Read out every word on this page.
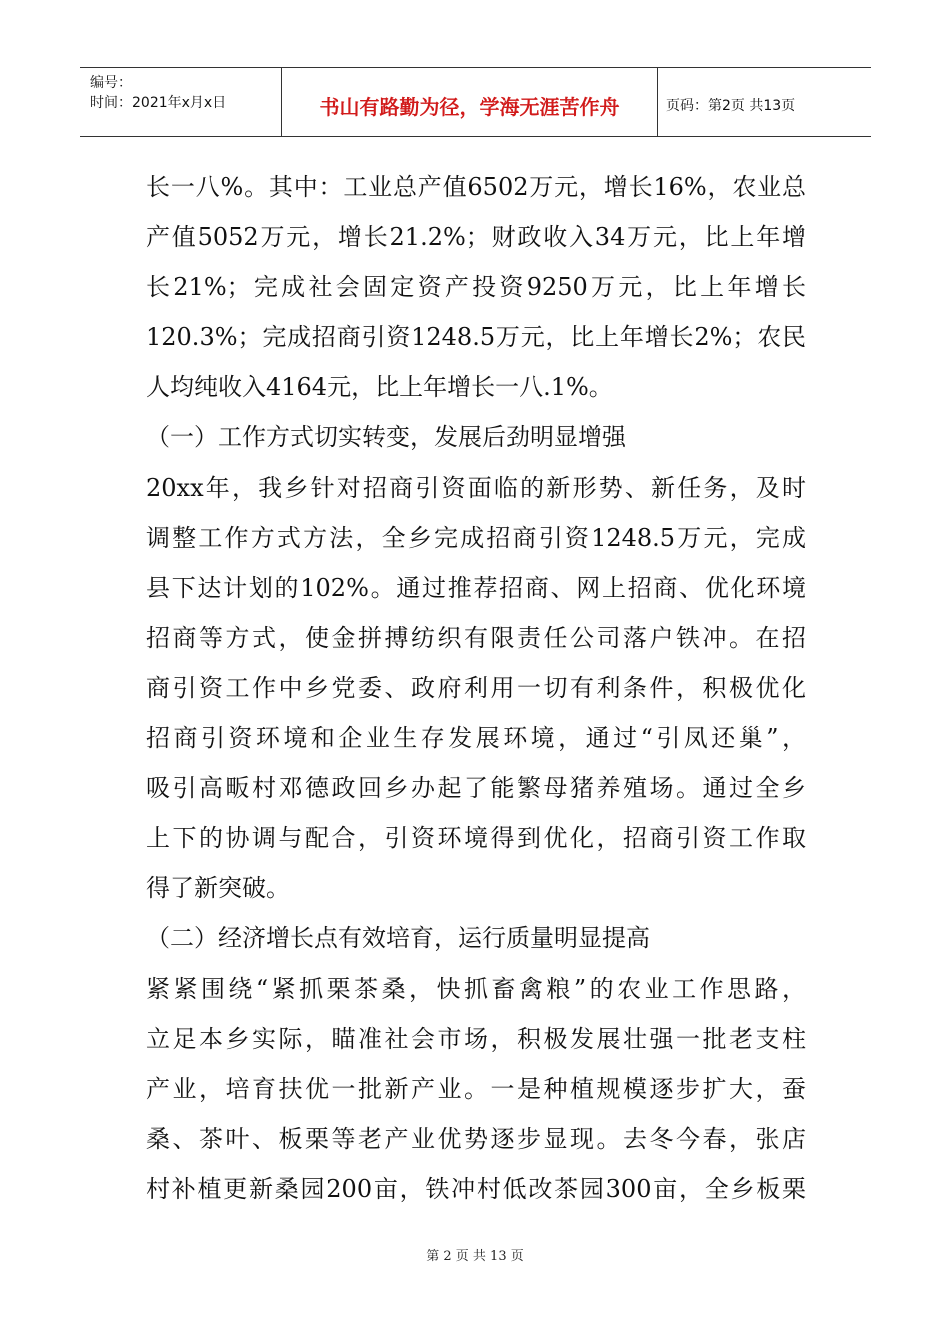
编号：
时间：2021年x月x日	书山有路勤为径，学海无涯苦作舟	页码：第2页 共13页
长一八%。其中：工业总产值6502万元，增长16%，农业总
产值5052万元，增长21.2%；财政收入34万元，比上年增
长21%；完成社会固定资产投资9250万元，比上年增长
120.3%；完成招商引资1248.5万元，比上年增长2%；农民
人均纯收入4164元，比上年增长一八.1%。
（一）工作方式切实转变，发展后劲明显增强
20xx年，我乡针对招商引资面临的新形势、新任务，及时
调整工作方式方法，全乡完成招商引资1248.5万元，完成
县下达计划的102%。通过推荐招商、网上招商、优化环境
招商等方式，使金拼搏纺织有限责任公司落户铁冲。在招
商引资工作中乡党委、政府利用一切有利条件，积极优化
招商引资环境和企业生存发展环境，通过“引凤还巢”，
吸引高畈村邓德政回乡办起了能繁母猪养殖场。通过全乡
上下的协调与配合，引资环境得到优化，招商引资工作取
得了新突破。
（二）经济增长点有效培育，运行质量明显提高
紧紧围绕“紧抓栗茶桑，快抓畜禽粮”的农业工作思路，
立足本乡实际，瞄准社会市场，积极发展壮强一批老支柱
产业，培育扶优一批新产业。一是种植规模逐步扩大，蚕
桑、茶叶、板栗等老产业优势逐步显现。去冬今春，张店
村补植更新桑园200亩，铁冲村低改茶园300亩，全乡板栗
第 2 页 共 13 页
